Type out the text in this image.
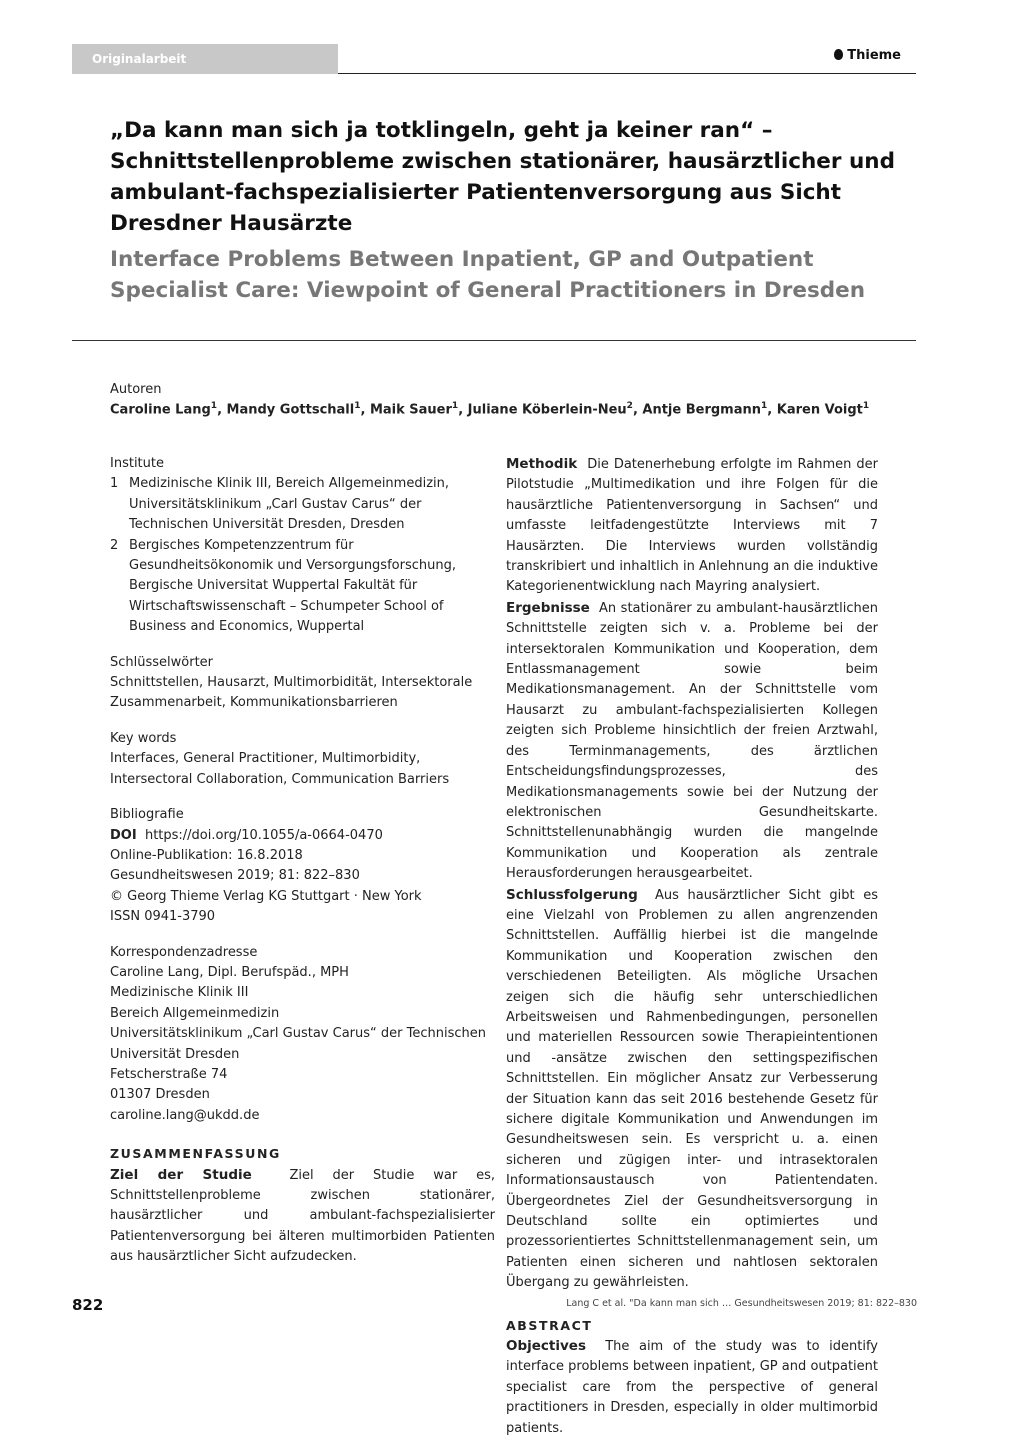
Originalarbeit	Thieme
„Da kann man sich ja totklingeln, geht ja keiner ran“ – Schnittstellenprobleme zwischen stationärer, hausärztlicher und ambulant-fachspezialisierter Patientenversorgung aus Sicht Dresdner Hausärzte
Interface Problems Between Inpatient, GP and Outpatient Specialist Care: Viewpoint of General Practitioners in Dresden
Autoren
Caroline Lang$^1$, Mandy Gottschall$^1$, Maik Sauer$^1$, Juliane Köberlein-Neu$^2$, Antje Bergmann$^1$, Karen Voigt$^1$

Institute

1 Medizinische Klinik III, Bereich Allgemeinmedizin, Universitätsklinikum „Carl Gustav Carus“ der Technischen Universität Dresden, Dresden
2 Bergisches Kompetenzzentrum für Gesundheitsökonomik und Versorgungsforschung, Bergische Universitat Wuppertal Fakultät für Wirtschaftswissenschaft – Schumpeter School of Business and Economics, Wuppertal

Schlüsselwörter

Schnittstellen, Hausarzt, Multimorbidität, Intersektorale Zusammenarbeit, Kommunikationsbarrieren

Key words

Interfaces, General Practitioner, Multimorbidity, Intersectoral Collaboration, Communication Barriers

Bibliografie

DOI https://doi.org/10.1055/a-0664-0470

Online-Publikation: 16.8.2018

Gesundheitswesen 2019; 81: 822–830

© Georg Thieme Verlag KG Stuttgart · New York

ISSN 0941-3790

Korrespondenzadresse

Caroline Lang, Dipl. Berufspäd., MPH

Medizinische Klinik III

Bereich Allgemeinmedizin

Universitätsklinikum „Carl Gustav Carus“ der Technischen Universität Dresden

Fetscherstraße 74

01307 Dresden

caroline.lang@ukdd.de

ZUSAMMENFASSUNG

Ziel der Studie	Ziel der Studie war es, Schnittstellenprobleme zwischen stationärer, hausärztlicher und ambulant-fachspezialisierter Patientenversorgung bei älteren multimorbiden Patienten aus hausärztlicher Sicht aufzudecken.

Methodik Die Datenerhebung erfolgte im Rahmen der Pilotstudie „Multimedikation und ihre Folgen für die hausärztliche Patientenversorgung in Sachsen“ und umfasste leitfadengestützte Interviews mit 7 Hausärzten. Die Interviews wurden vollständig transkribiert und inhaltlich in Anlehnung an die induktive Kategorienentwicklung nach Mayring analysiert.

Ergebnisse An stationärer zu ambulant-hausärztlichen Schnittstelle zeigten sich v. a. Probleme bei der intersektoralen Kommunikation und Kooperation, dem Entlassmanagement sowie beim Medikationsmanagement. An der Schnittstelle vom Hausarzt zu ambulant-fachspezialisierten Kollegen zeigten sich Probleme hinsichtlich der freien Arztwahl, des Terminmanagements, des ärztlichen Entscheidungsfindungsprozesses, des Medikationsmanagements sowie bei der Nutzung der elektronischen Gesundheitskarte. Schnittstellenunabhängig wurden die mangelnde Kommunikation und Kooperation als zentrale Herausforderungen herausgearbeitet.

Schlussfolgerung Aus hausärztlicher Sicht gibt es eine Vielzahl von Problemen zu allen angrenzenden Schnittstellen. Auffällig hierbei ist die mangelnde Kommunikation und Kooperation zwischen den verschiedenen Beteiligten. Als mögliche Ursachen zeigen sich die häufig sehr unterschiedlichen Arbeitsweisen und Rahmenbedingungen, personellen und materiellen Ressourcen sowie Therapieintentionen und -ansätze zwischen den settingspezifischen Schnittstellen. Ein möglicher Ansatz zur Verbesserung der Situation kann das seit 2016 bestehende Gesetz für sichere digitale Kommunikation und Anwendungen im Gesundheitswesen sein. Es verspricht u. a. einen sicheren und zügigen inter- und intrasektoralen Informationsaustausch von Patientendaten. Übergeordnetes Ziel der Gesundheitsversorgung in Deutschland sollte ein optimiertes und prozessorientiertes Schnittstellenmanagement sein, um Patienten einen sicheren und nahtlosen sektoralen Übergang zu gewährleisten.

ABSTRACT

Objectives The aim of the study was to identify interface problems between inpatient, GP and outpatient specialist care from the perspective of general practitioners in Dresden, especially in older multimorbid patients.

822	Lang C et al. "Da kann man sich … Gesundheitswesen 2019; 81: 822–830
